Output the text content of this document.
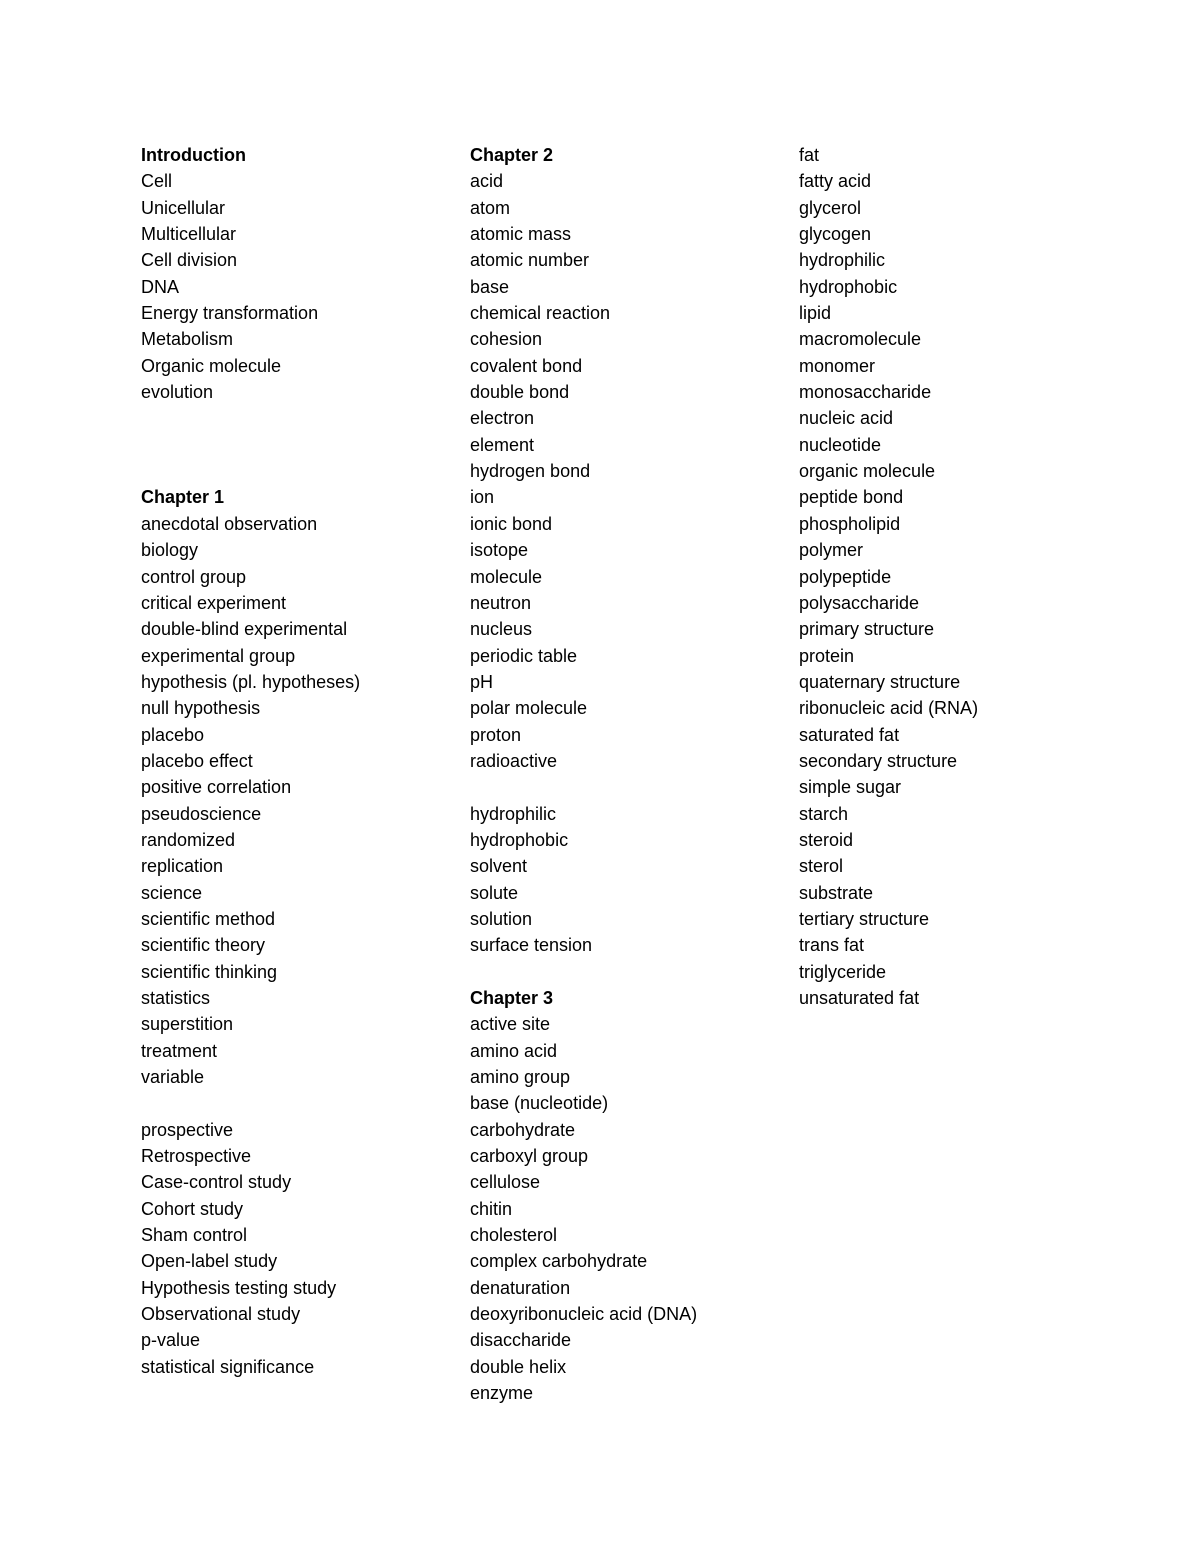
Introduction
Cell
Unicellular
Multicellular
Cell division
DNA
Energy transformation
Metabolism
Organic molecule
evolution
Chapter 1
anecdotal observation
biology
control group
critical experiment
double-blind experimental
experimental group
hypothesis (pl. hypotheses)
null hypothesis
placebo
placebo effect
positive correlation
pseudoscience
randomized
replication
science
scientific method
scientific theory
scientific thinking
statistics
superstition
treatment
variable
prospective
Retrospective
Case-control study
Cohort study
Sham control
Open-label study
Hypothesis testing study
Observational study
p-value
statistical significance
Chapter 2
acid
atom
atomic mass
atomic number
base
chemical reaction
cohesion
covalent bond
double bond
electron
element
hydrogen bond
ion
ionic bond
isotope
molecule
neutron
nucleus
periodic table
pH
polar molecule
proton
radioactive
hydrophilic
hydrophobic
solvent
solute
solution
surface tension
Chapter 3
active site
amino acid
amino group
base (nucleotide)
carbohydrate
carboxyl group
cellulose
chitin
cholesterol
complex carbohydrate
denaturation
deoxyribonucleic acid (DNA)
disaccharide
double helix
enzyme
fat
fatty acid
glycerol
glycogen
hydrophilic
hydrophobic
lipid
macromolecule
monomer
monosaccharide
nucleic acid
nucleotide
organic molecule
peptide bond
phospholipid
polymer
polypeptide
polysaccharide
primary structure
protein
quaternary structure
ribonucleic acid (RNA)
saturated fat
secondary structure
simple sugar
starch
steroid
sterol
substrate
tertiary structure
trans fat
triglyceride
unsaturated fat
